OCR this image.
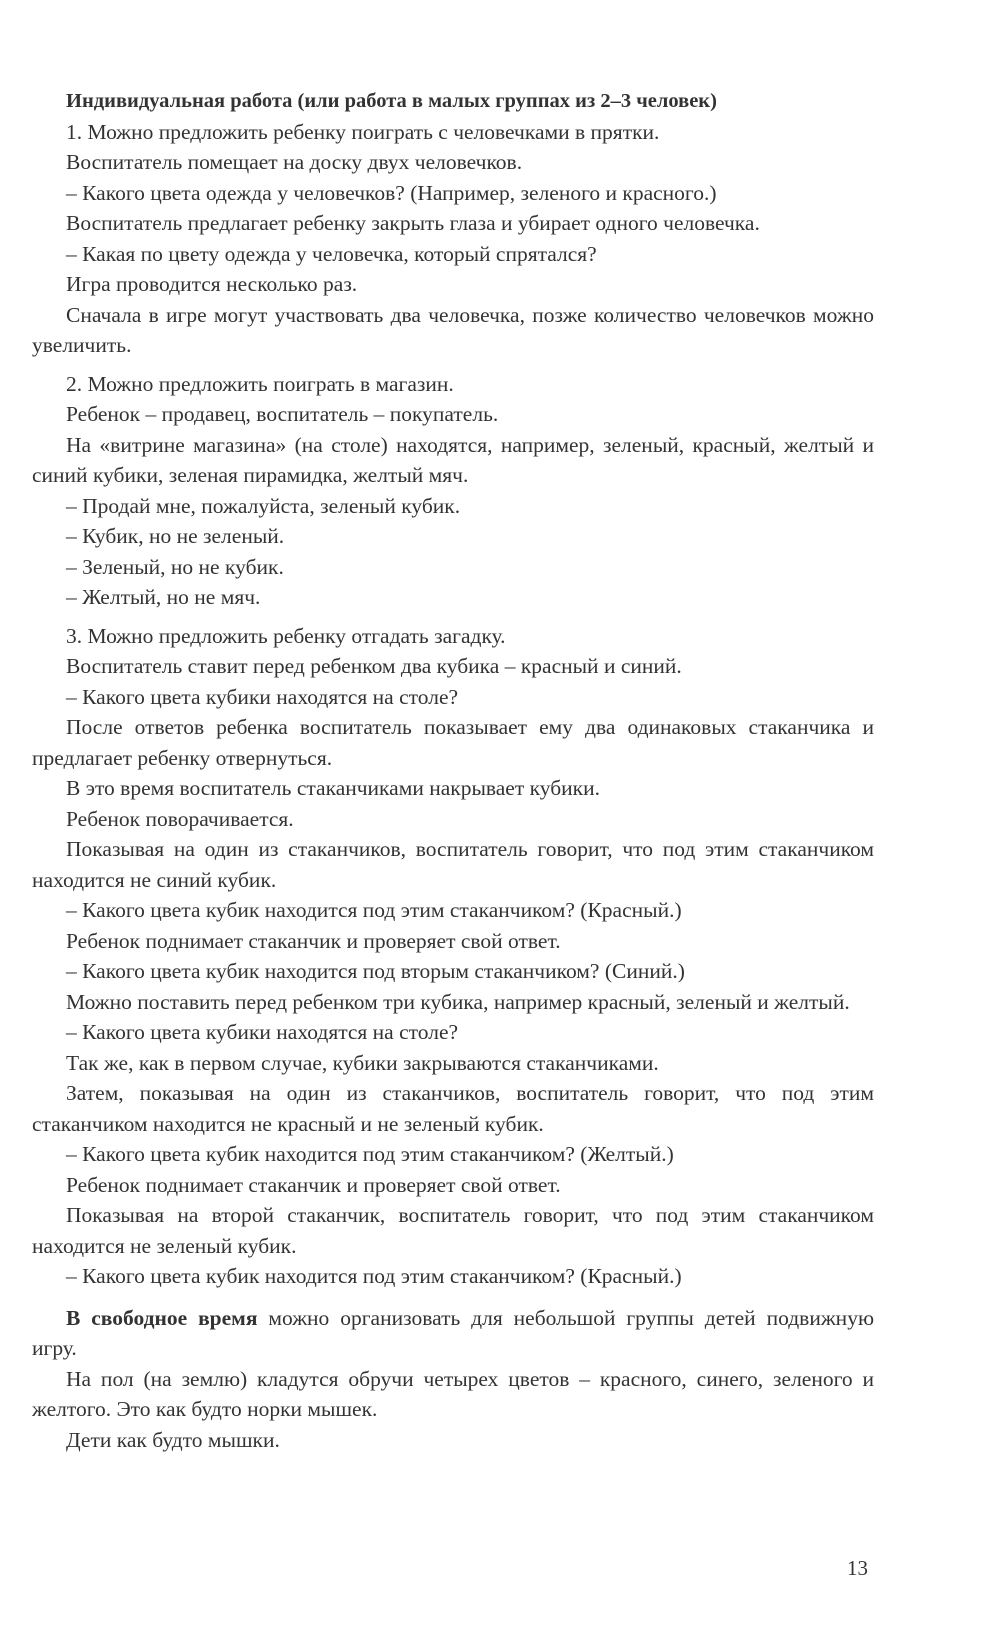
Индивидуальная работа (или работа в малых группах из 2–3 человек)

1. Можно предложить ребенку поиграть с человечками в прятки.

Воспитатель помещает на доску двух человечков.

– Какого цвета одежда у человечков? (Например, зеленого и красного.)

Воспитатель предлагает ребенку закрыть глаза и убирает одного человечка.

– Какая по цвету одежда у человечка, который спрятался?

Игра проводится несколько раз.

Сначала в игре могут участвовать два человечка, позже количество человечков можно увеличить.

2. Можно предложить поиграть в магазин.

Ребенок – продавец, воспитатель – покупатель.

На «витрине магазина» (на столе) находятся, например, зеленый, красный, желтый и синий кубики, зеленая пирамидка, желтый мяч.

– Продай мне, пожалуйста, зеленый кубик.

– Кубик, но не зеленый.

– Зеленый, но не кубик.

– Желтый, но не мяч.

3. Можно предложить ребенку отгадать загадку.

Воспитатель ставит перед ребенком два кубика – красный и синий.

– Какого цвета кубики находятся на столе?

После ответов ребенка воспитатель показывает ему два одинаковых стаканчика и предлагает ребенку отвернуться.

В это время воспитатель стаканчиками накрывает кубики.

Ребенок поворачивается.

Показывая на один из стаканчиков, воспитатель говорит, что под этим стаканчиком находится не синий кубик.

– Какого цвета кубик находится под этим стаканчиком? (Красный.)

Ребенок поднимает стаканчик и проверяет свой ответ.

– Какого цвета кубик находится под вторым стаканчиком? (Синий.)

Можно поставить перед ребенком три кубика, например красный, зеленый и желтый.

– Какого цвета кубики находятся на столе?

Так же, как в первом случае, кубики закрываются стаканчиками.

Затем, показывая на один из стаканчиков, воспитатель говорит, что под этим стаканчиком находится не красный и не зеленый кубик.

– Какого цвета кубик находится под этим стаканчиком? (Желтый.)

Ребенок поднимает стаканчик и проверяет свой ответ.

Показывая на второй стаканчик, воспитатель говорит, что под этим стаканчиком находится не зеленый кубик.

– Какого цвета кубик находится под этим стаканчиком? (Красный.)

В свободное время можно организовать для небольшой группы детей подвижную игру.

На пол (на землю) кладутся обручи четырех цветов – красного, синего, зеленого и желтого. Это как будто норки мышек.

Дети как будто мышки.

13
